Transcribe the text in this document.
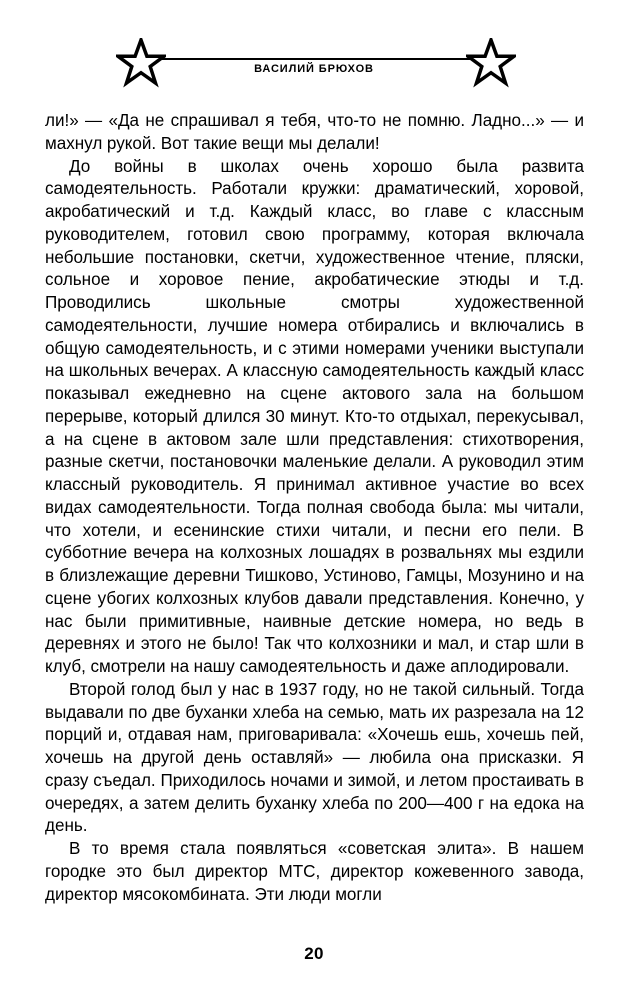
ВАСИЛИЙ БРЮХОВ

ли!» — «Да не спрашивал я тебя, что-то не помню. Ладно...» — и махнул рукой. Вот такие вещи мы делали!

До войны в школах очень хорошо была развита самодеятельность. Работали кружки: драматический, хоровой, акробатический и т.д. Каждый класс, во главе с классным руководителем, готовил свою программу, которая включала небольшие постановки, скетчи, художественное чтение, пляски, сольное и хоровое пение, акробатические этюды и т.д. Проводились школьные смотры художественной самодеятельности, лучшие номера отбирались и включались в общую самодеятельность, и с этими номерами ученики выступали на школьных вечерах. А классную самодеятельность каждый класс показывал ежедневно на сцене актового зала на большом перерыве, который длился 30 минут. Кто-то отдыхал, перекусывал, а на сцене в актовом зале шли представления: стихотворения, разные скетчи, постановочки маленькие делали. А руководил этим классный руководитель. Я принимал активное участие во всех видах самодеятельности. Тогда полная свобода была: мы читали, что хотели, и есенинские стихи читали, и песни его пели. В субботние вечера на колхозных лошадях в розвальнях мы ездили в близлежащие деревни Тишково, Устиново, Гамцы, Мозунино и на сцене убогих колхозных клубов давали представления. Конечно, у нас были примитивные, наивные детские номера, но ведь в деревнях и этого не было! Так что колхозники и мал, и стар шли в клуб, смотрели на нашу самодеятельность и даже аплодировали.

Второй голод был у нас в 1937 году, но не такой сильный. Тогда выдавали по две буханки хлеба на семью, мать их разрезала на 12 порций и, отдавая нам, приговаривала: «Хочешь ешь, хочешь пей, хочешь на другой день оставляй» — любила она присказки. Я сразу съедал. Приходилось ночами и зимой, и летом простаивать в очередях, а затем делить буханку хлеба по 200—400 г на едока на день.

В то время стала появляться «советская элита». В нашем городке это был директор МТС, директор кожевенного завода, директор мясокомбината. Эти люди могли

20
